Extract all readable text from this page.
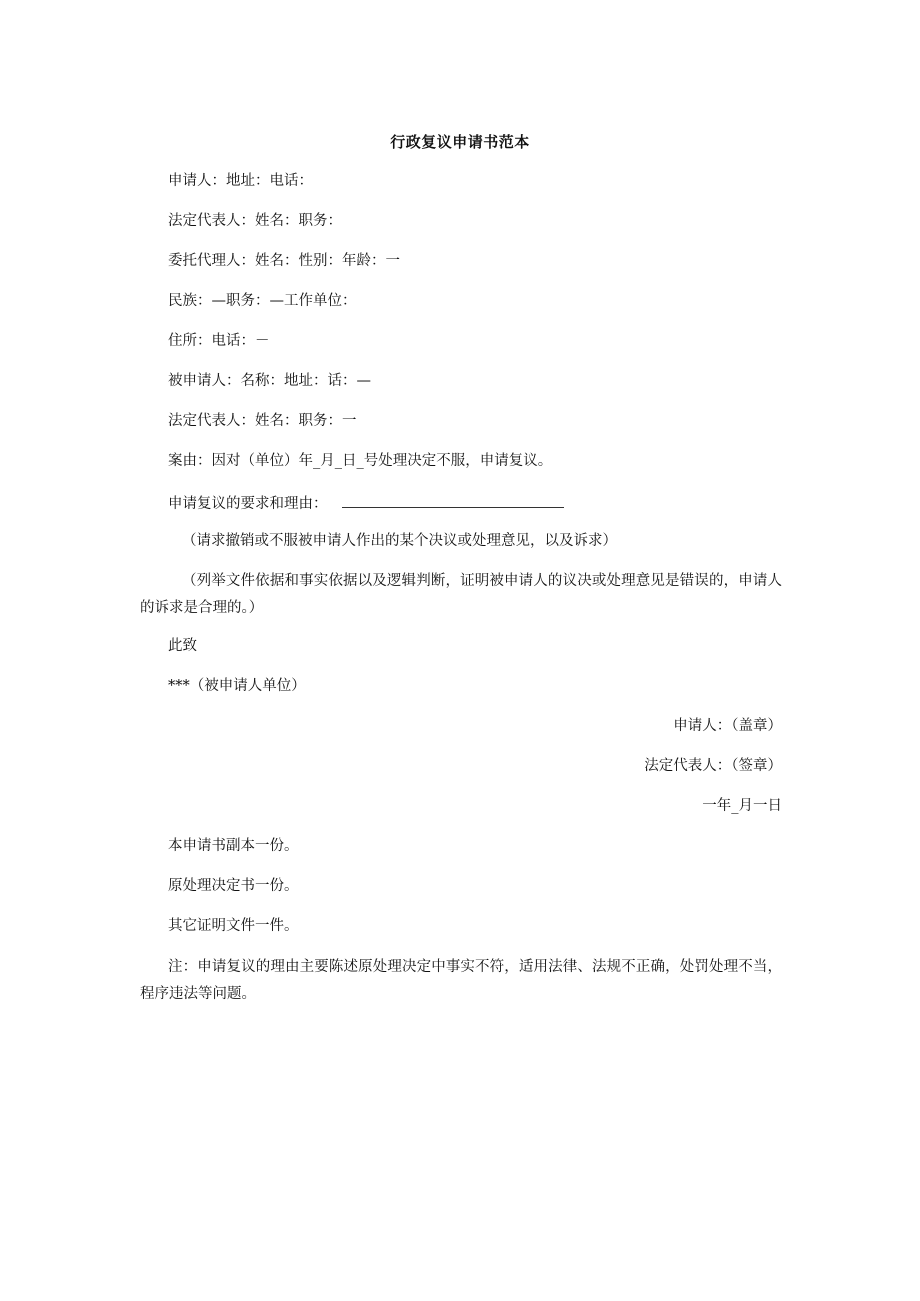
行政复议申请书范本
申请人：地址：电话：
法定代表人：姓名：职务：
委托代理人：姓名：性别：年龄：一
民族：—职务：—工作单位：
住所：电话：－
被申请人：名称：地址：话：—
法定代表人：姓名：职务：一
案由：因对（单位）年_月_日_号处理决定不服，申请复议。
申请复议的要求和理由：
（请求撤销或不服被申请人作出的某个决议或处理意见，以及诉求）
（列举文件依据和事实依据以及逻辑判断，证明被申请人的议决或处理意见是错误的，申请人的诉求是合理的。）
此致
***（被申请人单位）
申请人：（盖章）
法定代表人：（签章）
一年_月一日
本申请书副本一份。
原处理决定书一份。
其它证明文件一件。
注：申请复议的理由主要陈述原处理决定中事实不符，适用法律、法规不正确，处罚处理不当，程序违法等问题。
